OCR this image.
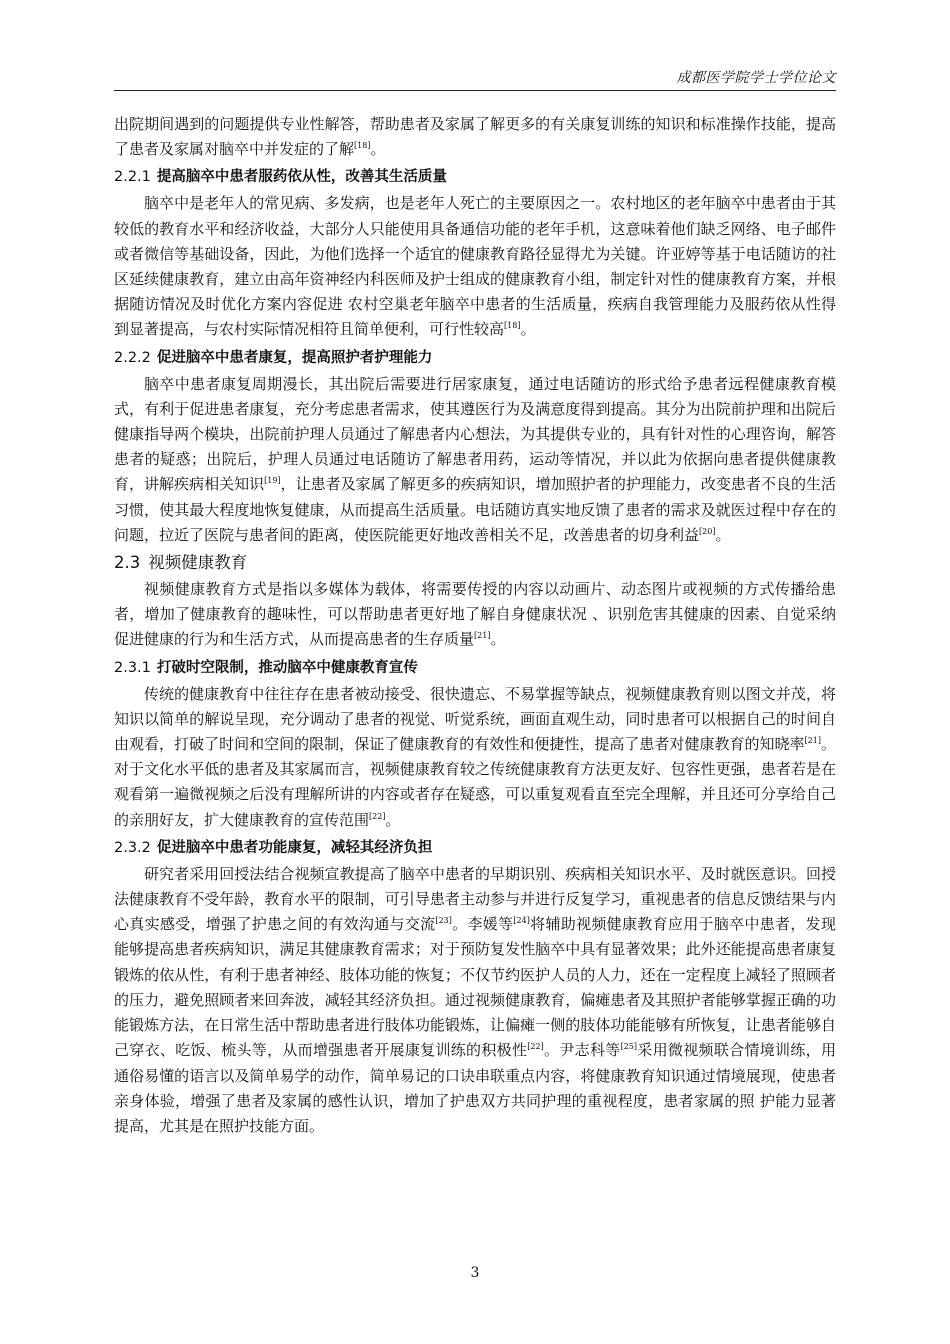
成都医学院学士学位论文

出院期间遇到的问题提供专业性解答，帮助患者及家属了解更多的有关康复训练的知识和标准操作技能，提高了患者及家属对脑卒中并发症的了解[18]。

2.2.1 提高脑卒中患者服药依从性，改善其生活质量

脑卒中是老年人的常见病、多发病，也是老年人死亡的主要原因之一。农村地区的老年脑卒中患者由于其较低的教育水平和经济收益，大部分人只能使用具备通信功能的老年手机，这意味着他们缺乏网络、电子邮件或者微信等基础设备，因此，为他们选择一个适宜的健康教育路径显得尤为关键。许亚婷等基于电话随访的社区延续健康教育，建立由高年资神经内科医师及护士组成的健康教育小组，制定针对性的健康教育方案，并根据随访情况及时优化方案内容促进 农村空巢老年脑卒中患者的生活质量，疾病自我管理能力及服药依从性得到显著提高，与农村实际情况相符且简单便利，可行性较高[18]。

2.2.2 促进脑卒中患者康复，提高照护者护理能力

脑卒中患者康复周期漫长，其出院后需要进行居家康复，通过电话随访的形式给予患者远程健康教育模式，有利于促进患者康复，充分考虑患者需求，使其遵医行为及满意度得到提高。其分为出院前护理和出院后健康指导两个模块，出院前护理人员通过了解患者内心想法，为其提供专业的，具有针对性的心理咨询，解答患者的疑惑；出院后，护理人员通过电话随访了解患者用药，运动等情况，并以此为依据向患者提供健康教育，讲解疾病相关知识[19]，让患者及家属了解更多的疾病知识，增加照护者的护理能力，改变患者不良的生活习惯，使其最大程度地恢复健康，从而提高生活质量。电话随访真实地反馈了患者的需求及就医过程中存在的问题，拉近了医院与患者间的距离，使医院能更好地改善相关不足，改善患者的切身利益[20]。

2.3 视频健康教育

视频健康教育方式是指以多媒体为载体，将需要传授的内容以动画片、动态图片或视频的方式传播给患者，增加了健康教育的趣味性，可以帮助患者更好地了解自身健康状况 、识别危害其健康的因素、自觉采纳促进健康的行为和生活方式，从而提高患者的生存质量[21]。

2.3.1 打破时空限制，推动脑卒中健康教育宣传

传统的健康教育中往往存在患者被动接受、很快遗忘、不易掌握等缺点，视频健康教育则以图文并茂，将知识以简单的解说呈现，充分调动了患者的视觉、听觉系统，画面直观生动，同时患者可以根据自己的时间自由观看，打破了时间和空间的限制，保证了健康教育的有效性和便捷性，提高了患者对健康教育的知晓率[21]。对于文化水平低的患者及其家属而言，视频健康教育较之传统健康教育方法更友好、包容性更强，患者若是在观看第一遍微视频之后没有理解所讲的内容或者存在疑惑，可以重复观看直至完全理解，并且还可分享给自己的亲朋好友，扩大健康教育的宣传范围[22]。

2.3.2 促进脑卒中患者功能康复，减轻其经济负担

研究者采用回授法结合视频宣教提高了脑卒中患者的早期识别、疾病相关知识水平、及时就医意识。回授法健康教育不受年龄，教育水平的限制，可引导患者主动参与并进行反复学习，重视患者的信息反馈结果与内心真实感受，增强了护患之间的有效沟通与交流[23]。李媛等[24]将辅助视频健康教育应用于脑卒中患者，发现能够提高患者疾病知识，满足其健康教育需求；对于预防复发性脑卒中具有显著效果；此外还能提高患者康复锻炼的依从性，有利于患者神经、肢体功能的恢复；不仅节约医护人员的人力，还在一定程度上减轻了照顾者的压力，避免照顾者来回奔波，减轻其经济负担。通过视频健康教育，偏瘫患者及其照护者能够掌握正确的功能锻炼方法，在日常生活中帮助患者进行肢体功能锻炼，让偏瘫一侧的肢体功能能够有所恢复，让患者能够自己穿衣、吃饭、梳头等，从而增强患者开展康复训练的积极性[22]。尹志科等[25]采用微视频联合情境训练，用通俗易懂的语言以及简单易学的动作，简单易记的口诀串联重点内容，将健康教育知识通过情境展现，使患者亲身体验，增强了患者及家属的感性认识，增加了护患双方共同护理的重视程度，患者家属的照 护能力显著提高，尤其是在照护技能方面。

3
